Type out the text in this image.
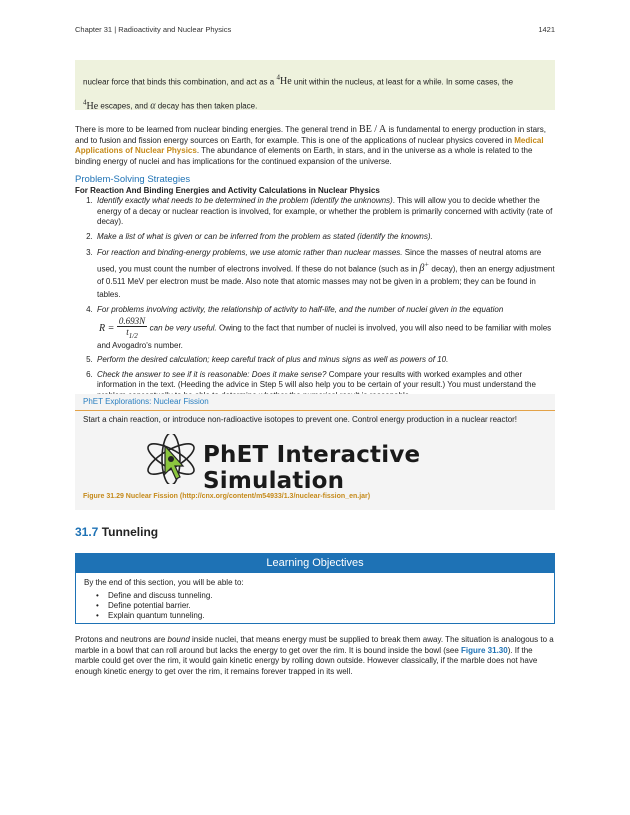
Chapter 31 | Radioactivity and Nuclear Physics	1421
nuclear force that binds this combination, and act as a $^4$He unit within the nucleus, at least for a while. In some cases, the
$^4$He escapes, and α decay has then taken place.
There is more to be learned from nuclear binding energies. The general trend in BE / A is fundamental to energy production in stars, and to fusion and fission energy sources on Earth, for example. This is one of the applications of nuclear physics covered in Medical Applications of Nuclear Physics. The abundance of elements on Earth, in stars, and in the universe as a whole is related to the binding energy of nuclei and has implications for the continued expansion of the universe.
Problem-Solving Strategies
For Reaction And Binding Energies and Activity Calculations in Nuclear Physics
1. Identify exactly what needs to be determined in the problem (identify the unknowns). This will allow you to decide whether the energy of a decay or nuclear reaction is involved, for example, or whether the problem is primarily concerned with activity (rate of decay).
2. Make a list of what is given or can be inferred from the problem as stated (identify the knowns).
3. For reaction and binding-energy problems, we use atomic rather than nuclear masses. Since the masses of neutral atoms are used, you must count the number of electrons involved. If these do not balance (such as in β+ decay), then an energy adjustment of 0.511 MeV per electron must be made. Also note that atomic masses may not be given in a problem; they can be found in tables.
4. For problems involving activity, the relationship of activity to half-life, and the number of nuclei given in the equation
$R = \frac{0.693N}{t_{1/2}}$ can be very useful. Owing to the fact that number of nuclei is involved, you will also need to be familiar with moles and Avogadro's number.
5. Perform the desired calculation; keep careful track of plus and minus signs as well as powers of 10.
6. Check the answer to see if it is reasonable: Does it make sense? Compare your results with worked examples and other information in the text. (Heeding the advice in Step 5 will also help you to be certain of your result.) You must understand the
PhET Explorations: Nuclear Fission
Start a chain reaction, or introduce non-radioactive isotopes to prevent one. Control energy production in a nuclear reactor!
PhET Interactive Simulation
Figure 31.29 Nuclear Fission (http://cnx.org/content/m54933/1.3/nuclear-fission_en.jar)
31.7 Tunneling
Learning Objectives
By the end of this section, you will be able to:
• Define and discuss tunneling.
• Define potential barrier.
• Explain quantum tunneling.
Protons and neutrons are bound inside nuclei, that means energy must be supplied to break them away. The situation is analogous to a marble in a bowl that can roll around but lacks the energy to get over the rim. It is bound inside the bowl (see Figure 31.30). If the marble could get over the rim, it would gain kinetic energy by rolling down outside. However classically, if the marble does not have enough kinetic energy to get over the rim, it remains forever trapped in its well.
